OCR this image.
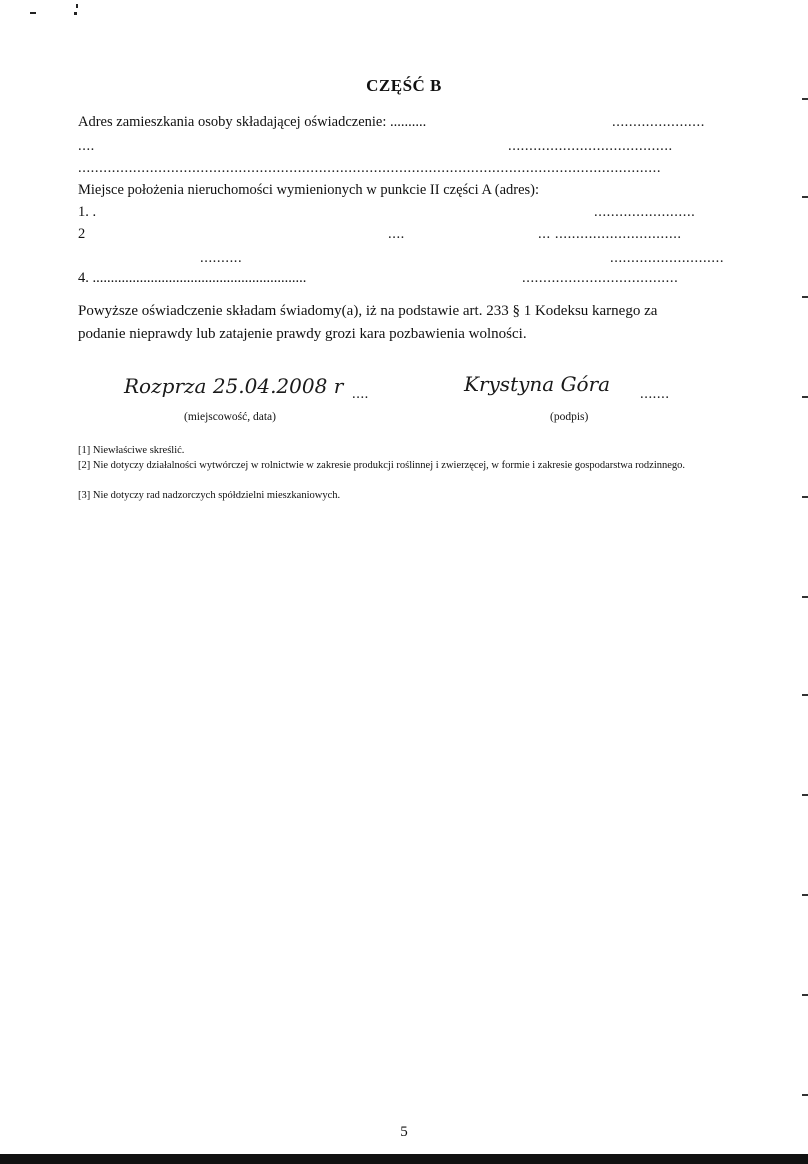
CZĘŚĆ B
Adres zamieszkania osoby składającej oświadczenie: ..........	......................
....	.......................................
..........................................................................................................................................
Miejsce położenia nieruchomości wymienionych w punkcie II części A (adres):
1. .	........................
2	....	... ..............................
..........	...........................
4. ...........................................................	.....................................
Powyższe oświadczenie składam świadomy(a), iż na podstawie art. 233 § 1 Kodeksu karnego za
podanie nieprawdy lub zatajenie prawdy grozi kara pozbawienia wolności.
Rozprza 25.04.2008 r ....
(miejscowość, data)
Krystyna Góra .......
(podpis)
[1] Niewłaściwe skreślić.
[2] Nie dotyczy działalności wytwórczej w rolnictwie w zakresie produkcji roślinnej i zwierzęcej, w formie i zakresie gospodarstwa rodzinnego.
[3] Nie dotyczy rad nadzorczych spółdzielni mieszkaniowych.
5
